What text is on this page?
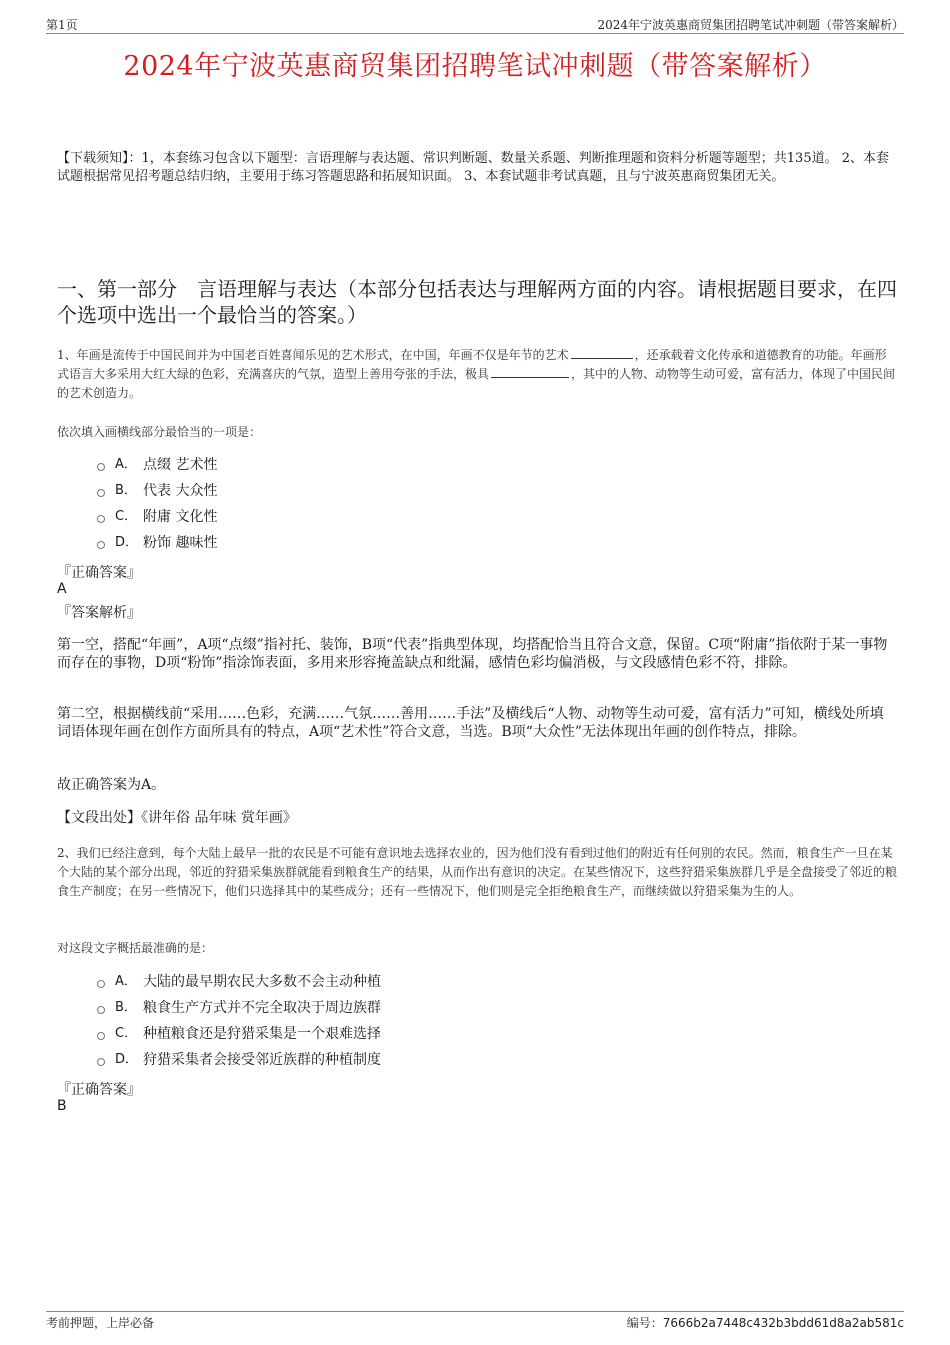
第1页	2024年宁波英惠商贸集团招聘笔试冲刺题（带答案解析）
2024年宁波英惠商贸集团招聘笔试冲刺题（带答案解析）
【下载须知】：1，本套练习包含以下题型：言语理解与表达题、常识判断题、数量关系题、判断推理题和资料分析题等题型；共135道。 2、本套试题根据常见招考题总结归纳，主要用于练习答题思路和拓展知识面。 3、本套试题非考试真题，且与宁波英惠商贸集团无关。
一、第一部分　言语理解与表达（本部分包括表达与理解两方面的内容。请根据题目要求，在四个选项中选出一个最恰当的答案。）
1、年画是流传于中国民间并为中国老百姓喜闻乐见的艺术形式，在中国，年画不仅是年节的艺术	，还承载着文化传承和道德教育的功能。年画形式语言大多采用大红大绿的色彩，充满喜庆的气氛，造型上善用夸张的手法，极具	，其中的人物、动物等生动可爱，富有活力，体现了中国民间的艺术创造力。
依次填入画横线部分最恰当的一项是：
A． 点缀 艺术性
B． 代表 大众性
C． 附庸 文化性
D． 粉饰 趣味性
『正确答案』
A
『答案解析』
第一空，搭配“年画”，A项“点缀”指衬托、装饰，B项“代表”指典型体现，均搭配恰当且符合文意，保留。C项“附庸”指依附于某一事物而存在的事物，D项“粉饰”指涂饰表面，多用来形容掩盖缺点和纰漏，感情色彩均偏消极，与文段感情色彩不符，排除。
第二空，根据横线前“采用……色彩，充满……气氛……善用……手法”及横线后“人物、动物等生动可爱，富有活力”可知，横线处所填词语体现年画在创作方面所具有的特点，A项“艺术性”符合文意，当选。B项“大众性”无法体现出年画的创作特点，排除。
故正确答案为A。
【文段出处】《讲年俗 品年味 赏年画》
2、我们已经注意到，每个大陆上最早一批的农民是不可能有意识地去选择农业的，因为他们没有看到过他们的附近有任何别的农民。然而，粮食生产一旦在某个大陆的某个部分出现，邻近的狩猎采集族群就能看到粮食生产的结果，从而作出有意识的决定。在某些情况下，这些狩猎采集族群几乎是全盘接受了邻近的粮食生产制度；在另一些情况下，他们只选择其中的某些成分；还有一些情况下，他们则是完全拒绝粮食生产，而继续做以狩猎采集为生的人。
对这段文字概括最准确的是：
A． 大陆的最早期农民大多数不会主动种植
B． 粮食生产方式并不完全取决于周边族群
C． 种植粮食还是狩猎采集是一个艰难选择
D． 狩猎采集者会接受邻近族群的种植制度
『正确答案』
B
考前押题，上岸必备	编号：7666b2a7448c432b3bdd61d8a2ab581c
